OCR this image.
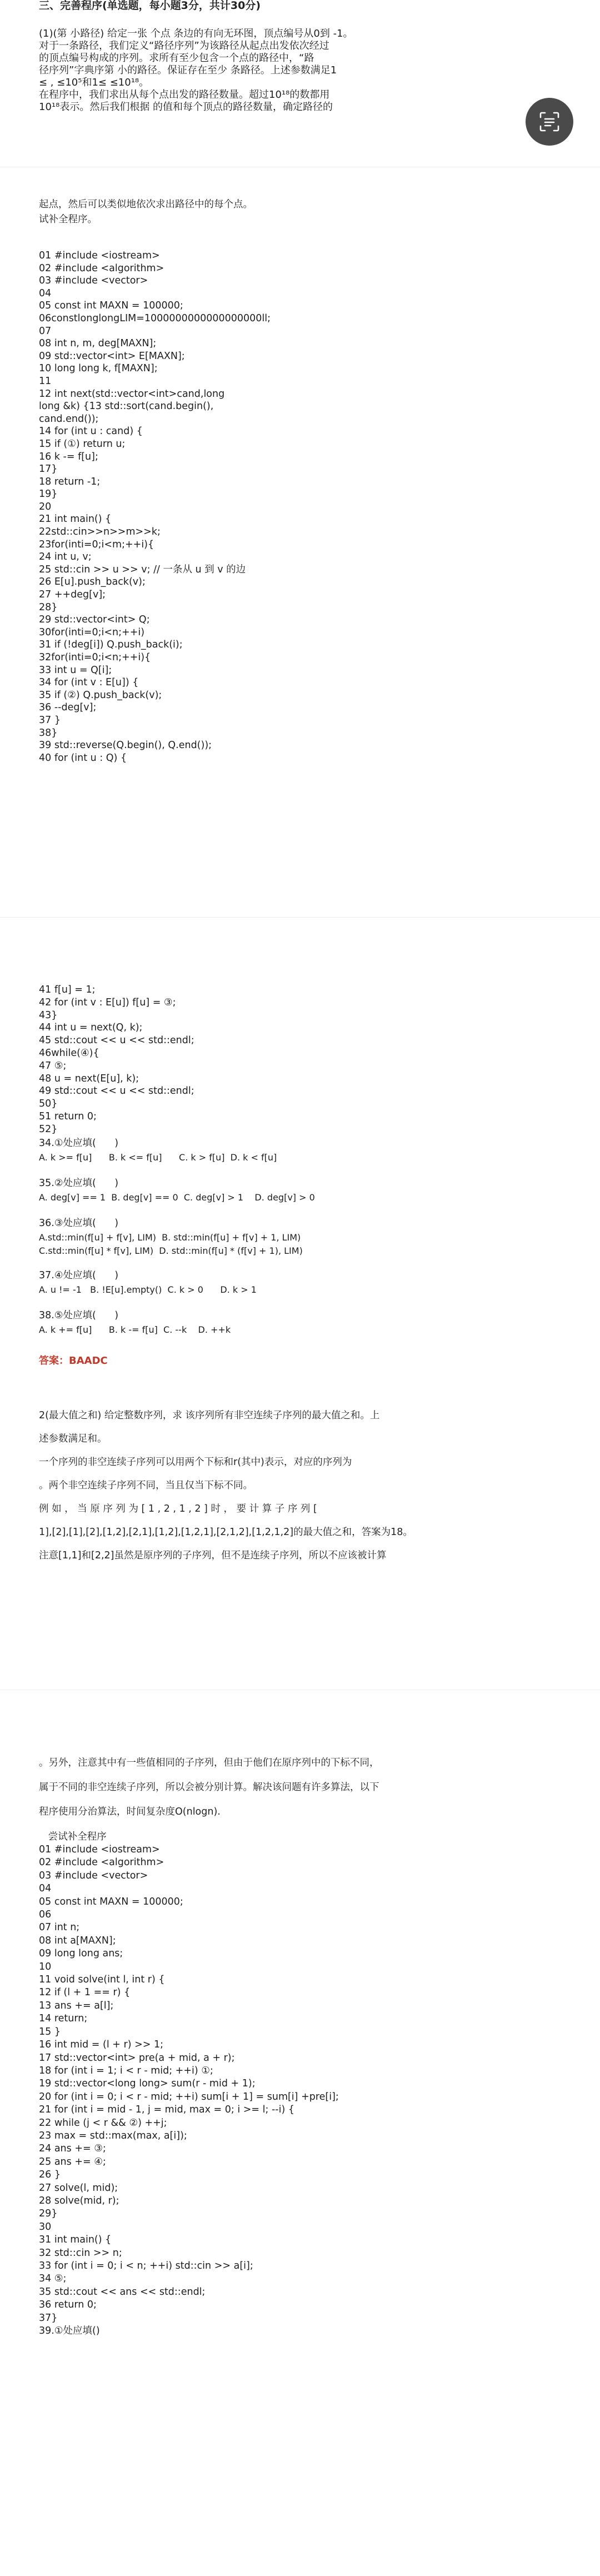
三、完善程序(单选题，每小题3分，共计30分)

(1)(第 小路径) 给定一张 个点 条边的有向无环图，顶点编号从0到 -1。

对于一条路径，我们定义“路径序列”为该路径从起点出发依次经过

的顶点编号构成的序列。求所有至少包含一个点的路径中，“路

径序列”字典序第 小的路径。保证存在至少 条路径。上述参数满足1

≤ , ≤10⁵和1≤ ≤10¹⁸。

在程序中，我们求出从每个点出发的路径数量。超过10¹⁸的数都用

10¹⁸表示。然后我们根据 的值和每个顶点的路径数量，确定路径的

起点，然后可以类似地依次求出路径中的每个点。

试补全程序。

01 #include <iostream>

02 #include <algorithm>

03 #include <vector>

04

05 const int MAXN = 100000;

06constlonglongLIM=1000000000000000000ll;

07

08 int n, m, deg[MAXN];

09 std::vector<int> E[MAXN];

10 long long k, f[MAXN];

11

12 int next(std::vector<int>cand,long

long &k) {13 std::sort(cand.begin(),

cand.end());

14 for (int u : cand) {

15 if (①) return u;

16 k -= f[u];

17}

18 return -1;

19}

20

21 int main() {

22std::cin>>n>>m>>k;

23for(inti=0;i<m;++i){

24 int u, v;

25 std::cin >> u >> v; // 一条从 u 到 v 的边

26 E[u].push_back(v);

27 ++deg[v];

28}

29 std::vector<int> Q;

30for(inti=0;i<n;++i)

31 if (!deg[i]) Q.push_back(i);

32for(inti=0;i<n;++i){

33 int u = Q[i];

34 for (int v : E[u]) {

35 if (②) Q.push_back(v);

36 --deg[v];

37 }

38}

39 std::reverse(Q.begin(), Q.end());

40 for (int u : Q) {

41 f[u] = 1;

42 for (int v : E[u]) f[u] = ③;

43}

44 int u = next(Q, k);

45 std::cout << u << std::endl;

46while(④){

47 ⑤;

48 u = next(E[u], k);

49 std::cout << u << std::endl;

50}

51 return 0;

52}

34.①处应填(      )

A. k >= f[u]      B. k <= f[u]      C. k > f[u]  D. k < f[u]

35.②处应填(      )

A. deg[v] == 1  B. deg[v] == 0  C. deg[v] > 1    D. deg[v] > 0

36.③处应填(      )

A.std::min(f[u] + f[v], LIM)  B. std::min(f[u] + f[v] + 1, LIM)

C.std::min(f[u] * f[v], LIM)  D. std::min(f[u] * (f[v] + 1), LIM)

37.④处应填(      )

A. u != -1   B. !E[u].empty()  C. k > 0      D. k > 1

38.⑤处应填(      )

A. k += f[u]      B. k -= f[u]  C. --k    D. ++k

答案：BAADC

2(最大值之和) 给定整数序列，求 该序列所有非空连续子序列的最大值之和。上

述参数满足和。

一个序列的非空连续子序列可以用两个下标和r(其中)表示，对应的序列为

。两个非空连续子序列不同，当且仅当下标不同。

例 如 ， 当 原 序 列 为 [ 1 , 2 , 1 , 2 ] 时 ， 要 计 算 子 序 列 [

1],[2],[1],[2],[1,2],[2,1],[1,2],[1,2,1],[2,1,2],[1,2,1,2]的最大值之和，答案为18。

注意[1,1]和[2,2]虽然是原序列的子序列，但不是连续子序列，所以不应该被计算

。另外，注意其中有一些值相同的子序列，但由于他们在原序列中的下标不同，

属于不同的非空连续子序列，所以会被分别计算。解决该问题有许多算法，以下

程序使用分治算法，时间复杂度O(nlogn).

尝试补全程序

01 #include <iostream>

02 #include <algorithm>

03 #include <vector>

04

05 const int MAXN = 100000;

06

07 int n;

08 int a[MAXN];

09 long long ans;

10

11 void solve(int l, int r) {

12 if (l + 1 == r) {

13 ans += a[l];

14 return;

15 }

16 int mid = (l + r) >> 1;

17 std::vector<int> pre(a + mid, a + r);

18 for (int i = 1; i < r - mid; ++i) ①;

19 std::vector<long long> sum(r - mid + 1);

20 for (int i = 0; i < r - mid; ++i) sum[i + 1] = sum[i] +pre[i];

21 for (int i = mid - 1, j = mid, max = 0; i >= l; --i) {

22 while (j < r && ②) ++j;

23 max = std::max(max, a[i]);

24 ans += ③;

25 ans += ④;

26 }

27 solve(l, mid);

28 solve(mid, r);

29}

30

31 int main() {

32 std::cin >> n;

33 for (int i = 0; i < n; ++i) std::cin >> a[i];

34 ⑤;

35 std::cout << ans << std::endl;

36 return 0;

37}

39.①处应填()
